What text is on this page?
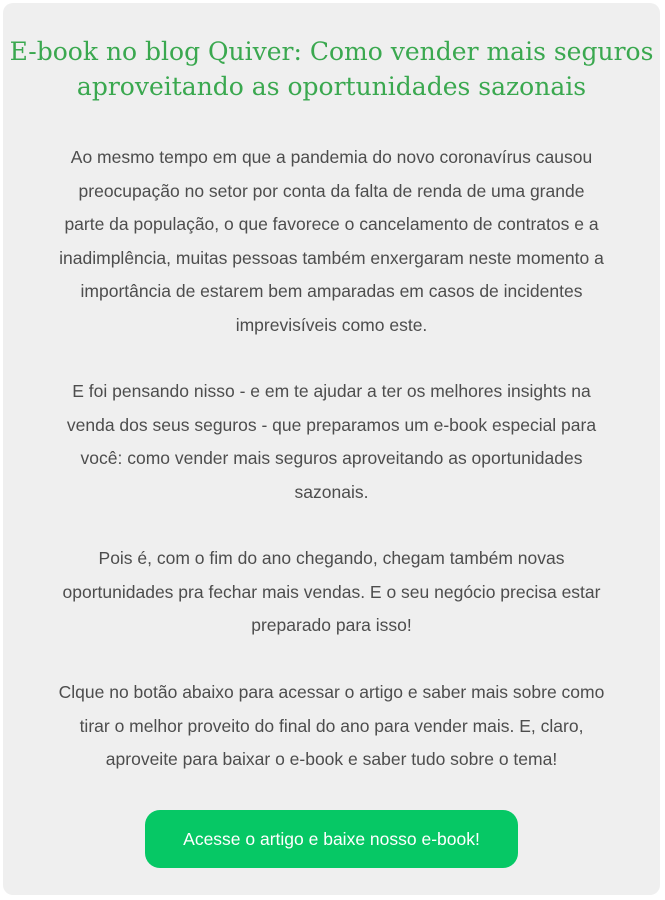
E-book no blog Quiver: Como vender mais seguros
aproveitando as oportunidades sazonais

Ao mesmo tempo em que a pandemia do novo coronavírus causou
preocupação no setor por conta da falta de renda de uma grande
parte da população, o que favorece o cancelamento de contratos e a
inadimplência, muitas pessoas também enxergaram neste momento a
importância de estarem bem amparadas em casos de incidentes
imprevisíveis como este.

E foi pensando nisso - e em te ajudar a ter os melhores insights na
venda dos seus seguros - que preparamos um e-book especial para
você: como vender mais seguros aproveitando as oportunidades
sazonais.

Pois é, com o fim do ano chegando, chegam também novas
oportunidades pra fechar mais vendas. E o seu negócio precisa estar
preparado para isso!

Clque no botão abaixo para acessar o artigo e saber mais sobre como
tirar o melhor proveito do final do ano para vender mais. E, claro,
aproveite para baixar o e-book e saber tudo sobre o tema!

Acesse o artigo e baixe nosso e-book!
